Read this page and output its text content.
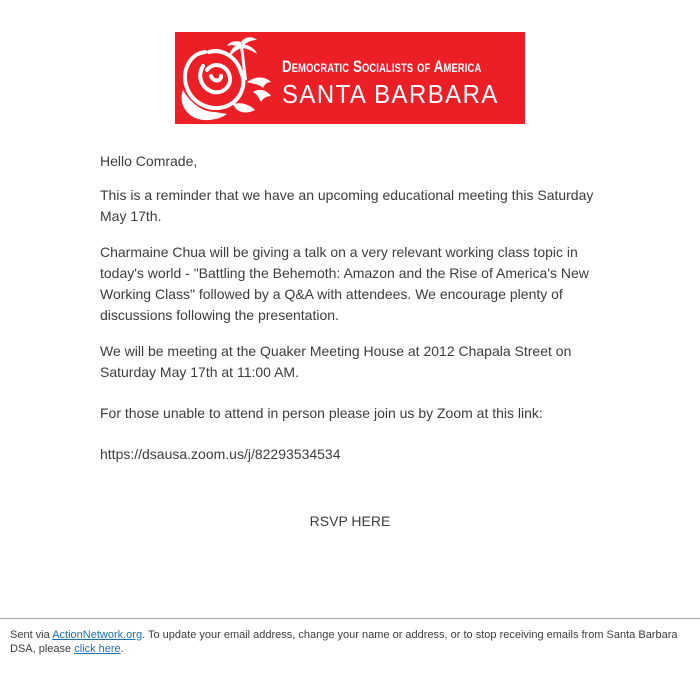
Democratic Socialists of America
SANTA BARBARA

Hello Comrade,

This is a reminder that we have an upcoming educational meeting this Saturday May 17th.

Charmaine Chua will be giving a talk on a very relevant working class topic in today's world - "Battling the Behemoth: Amazon and the Rise of America's New Working Class" followed by a Q&A with attendees. We encourage plenty of discussions following the presentation.

We will be meeting at the Quaker Meeting House at 2012 Chapala Street on Saturday May 17th at 11:00 AM.

For those unable to attend in person please join us by Zoom at this link:

https://dsausa.zoom.us/j/82293534534

RSVP HERE
Sent via ActionNetwork.org. To update your email address, change your name or address, or to stop receiving emails from Santa Barbara DSA, please click here.
